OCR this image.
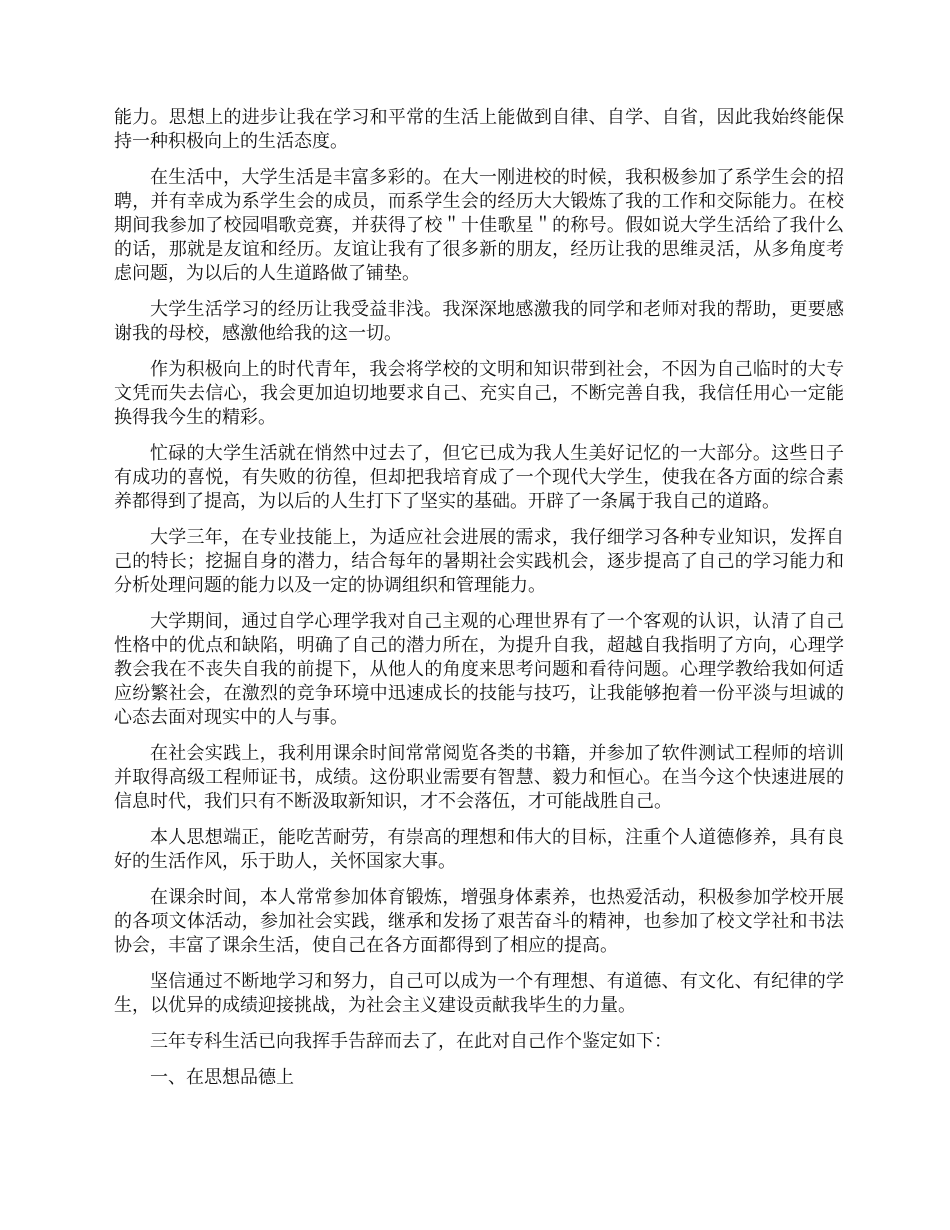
能力。思想上的进步让我在学习和平常的生活上能做到自律、自学、自省，因此我始终能保持一种积极向上的生活态度。

在生活中，大学生活是丰富多彩的。在大一刚进校的时候，我积极参加了系学生会的招聘，并有幸成为系学生会的成员，而系学生会的经历大大锻炼了我的工作和交际能力。在校期间我参加了校园唱歌竞赛，并获得了校＂十佳歌星＂的称号。假如说大学生活给了我什么的话，那就是友谊和经历。友谊让我有了很多新的朋友，经历让我的思维灵活，从多角度考虑问题，为以后的人生道路做了铺垫。

大学生活学习的经历让我受益非浅。我深深地感激我的同学和老师对我的帮助，更要感谢我的母校，感激他给我的这一切。

作为积极向上的时代青年，我会将学校的文明和知识带到社会，不因为自己临时的大专文凭而失去信心，我会更加迫切地要求自己、充实自己，不断完善自我，我信任用心一定能换得我今生的精彩。

忙碌的大学生活就在悄然中过去了，但它已成为我人生美好记忆的一大部分。这些日子有成功的喜悦，有失败的彷徨，但却把我培育成了一个现代大学生，使我在各方面的综合素养都得到了提高，为以后的人生打下了坚实的基础。开辟了一条属于我自己的道路。

大学三年，在专业技能上，为适应社会进展的需求，我仔细学习各种专业知识，发挥自己的特长；挖掘自身的潜力，结合每年的暑期社会实践机会，逐步提高了自己的学习能力和分析处理问题的能力以及一定的协调组织和管理能力。

大学期间，通过自学心理学我对自己主观的心理世界有了一个客观的认识，认清了自己性格中的优点和缺陷，明确了自己的潜力所在，为提升自我，超越自我指明了方向，心理学教会我在不丧失自我的前提下，从他人的角度来思考问题和看待问题。心理学教给我如何适应纷繁社会，在激烈的竞争环境中迅速成长的技能与技巧，让我能够抱着一份平淡与坦诚的心态去面对现实中的人与事。

在社会实践上，我利用课余时间常常阅览各类的书籍，并参加了软件测试工程师的培训并取得高级工程师证书，成绩。这份职业需要有智慧、毅力和恒心。在当今这个快速进展的信息时代，我们只有不断汲取新知识，才不会落伍，才可能战胜自己。

本人思想端正，能吃苦耐劳，有崇高的理想和伟大的目标，注重个人道德修养，具有良好的生活作风，乐于助人，关怀国家大事。

在课余时间，本人常常参加体育锻炼，增强身体素养，也热爱活动，积极参加学校开展的各项文体活动，参加社会实践，继承和发扬了艰苦奋斗的精神，也参加了校文学社和书法协会，丰富了课余生活，使自己在各方面都得到了相应的提高。

坚信通过不断地学习和努力，自己可以成为一个有理想、有道德、有文化、有纪律的学生，以优异的成绩迎接挑战，为社会主义建设贡献我毕生的力量。

三年专科生活已向我挥手告辞而去了，在此对自己作个鉴定如下：

一、在思想品德上
